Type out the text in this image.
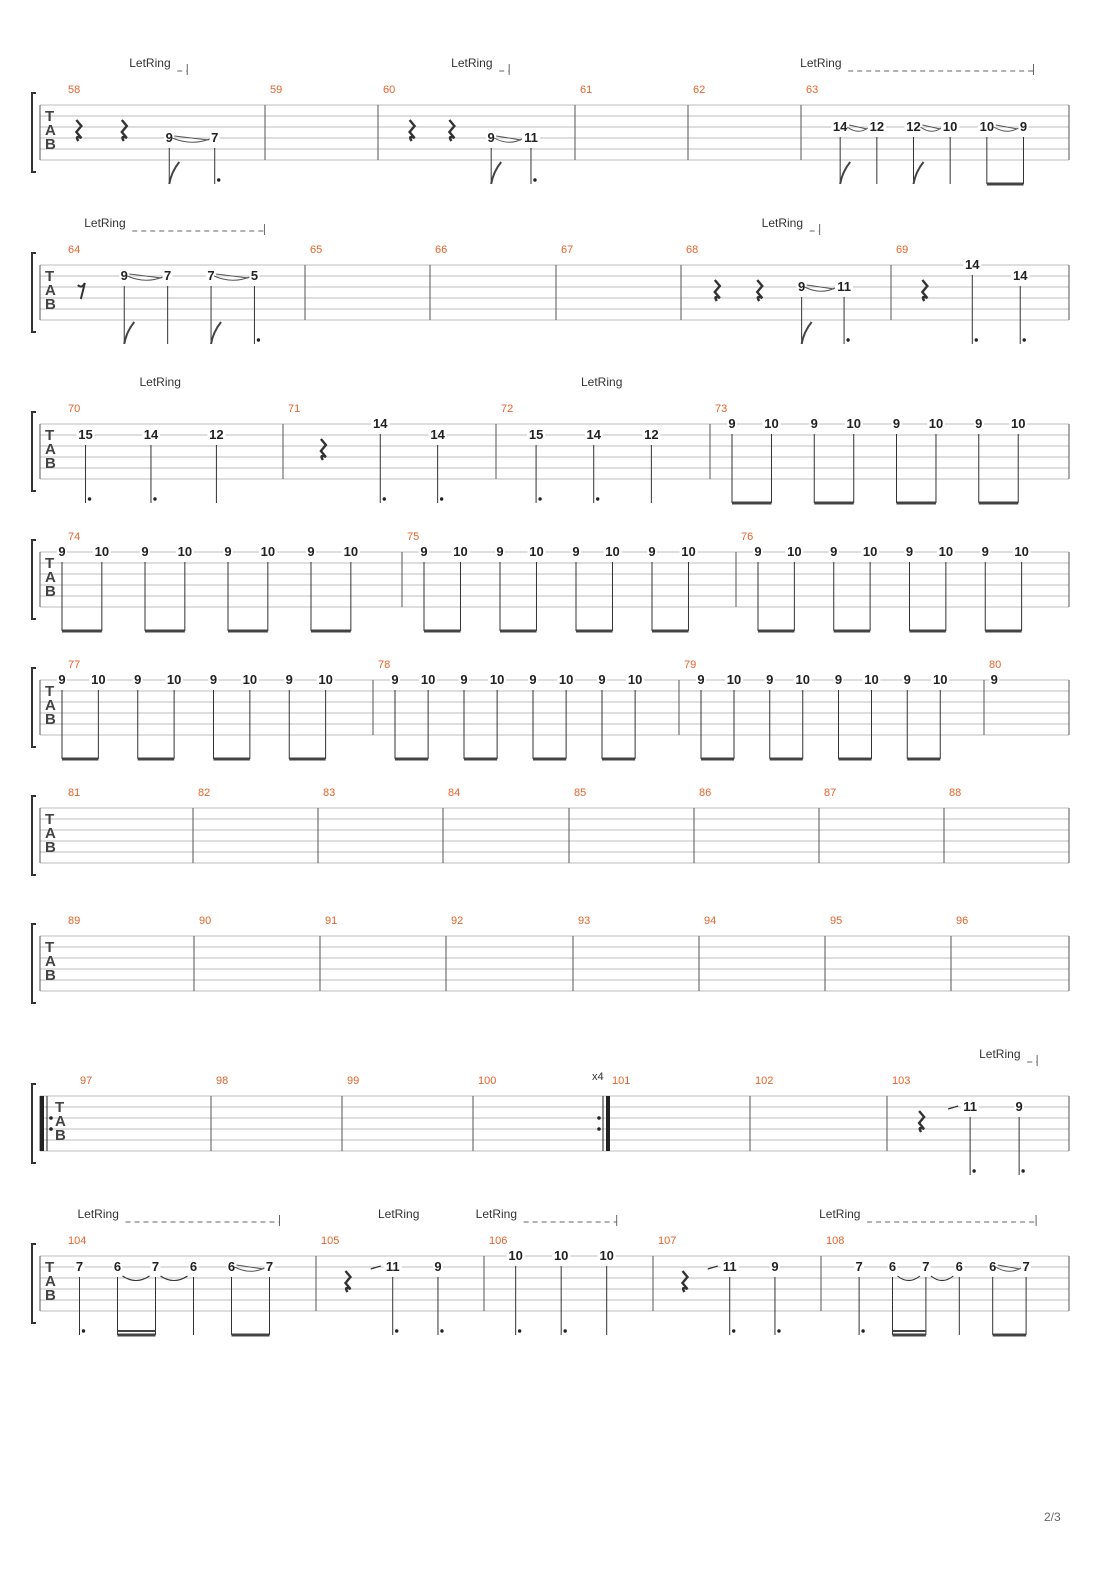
T
A
B
58
9	7
59	60
9 11
61	62	63
14 12 12 10 10 9
LetRing	LetRing	LetRing
T
A
B
64
9	7	7	5
65	66	67	68
9 11
69
14
14
LetRing	LetRing
T
A
B
70
15	14	12
71
14
14
72
15	14	12
73
9 10 9 10 9 10 9 10
LetRing	LetRing
T
A
B
74
9 10 9 10 9 10 9 10
75
9 10 9 10 9 10 9 10
76
9 10 9 10 9 10 9 10
T
A
B
77
9 10 9 10 9 10 9 10
78
9 10 9 10 9 10 9 10
79
9 10 9 10 9 10 9 10
80
9
T
A
B
81	82	83	84	85	86	87	88
T
A
B
89	90	91	92	93	94	95	96
T
A
B
x4
97	98	99	100	101	102	103
11	9
LetRing
T
A
B
104
7 6 7 6 6 7
105
11	9
106
10 10 10
107
11	9
108
7 6 7 6 6 7
LetRing	LetRing	LetRing	LetRing
2/3
